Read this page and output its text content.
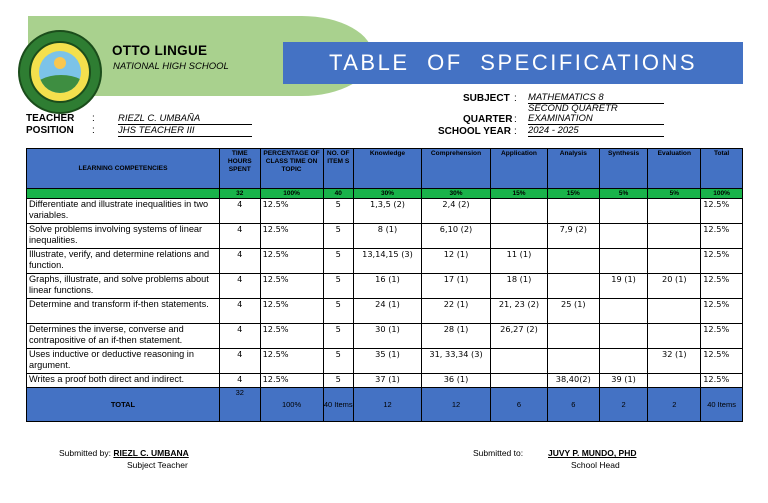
OTTO LINGUE
NATIONAL HIGH SCHOOL	TABLE OF SPECIFICATIONS
TEACHER : RIEZL C. UMBAÑA
POSITION : JHS TEACHER III
SUBJECT : MATHEMATICS 8
SECOND QUARETR
QUARTER : EXAMINATION
SCHOOL YEAR : 2024 - 2025
LEARNING COMPETENCIES	TIME HOURS SPENT	PERCENTAGE OF CLASS TIME ON TOPIC	NO. OF ITEM S	Knowledge	Comprehension	Application	Analysis	Synthesis	Evaluation	Total
	32	100%	40	30%	30%	15%	15%	5%	5%	100%
Differentiate and illustrate inequalities in two variables.	4	12.5%	5	1,3,5 (2)	2,4 (2)					12.5%
Solve problems involving systems of linear inequalities.	4	12.5%	5	8 (1)	6,10 (2)		7,9 (2)			12.5%
Illustrate, verify, and determine relations and function.	4	12.5%	5	13,14,15 (3)	12 (1)	11 (1)				12.5%
Graphs, illustrate, and solve problems about linear functions.	4	12.5%	5	16 (1)	17 (1)	18 (1)		19 (1)	20 (1)	12.5%
Determine and transform if-then statements.	4	12.5%	5	24 (1)	22 (1)	21, 23 (2)	25 (1)			12.5%
Determines the inverse, converse and contrapositive of an if-then statement.	4	12.5%	5	30 (1)	28 (1)	26,27 (2)				12.5%
Uses inductive or deductive reasoning in argument.	4	12.5%	5	35 (1)	31, 33,34 (3)				32 (1)	12.5%
Writes a proof both direct and indirect.	4	12.5%	5	37 (1)	36 (1)		38,40(2)	39 (1)		12.5%
TOTAL	32	100%	40 Items	12	12	6	6	2	2	40 Items
Submitted by: RIEZL C. UMBANA
Subject Teacher
Submitted to:	JUVY P. MUNDO, PHD
School Head
